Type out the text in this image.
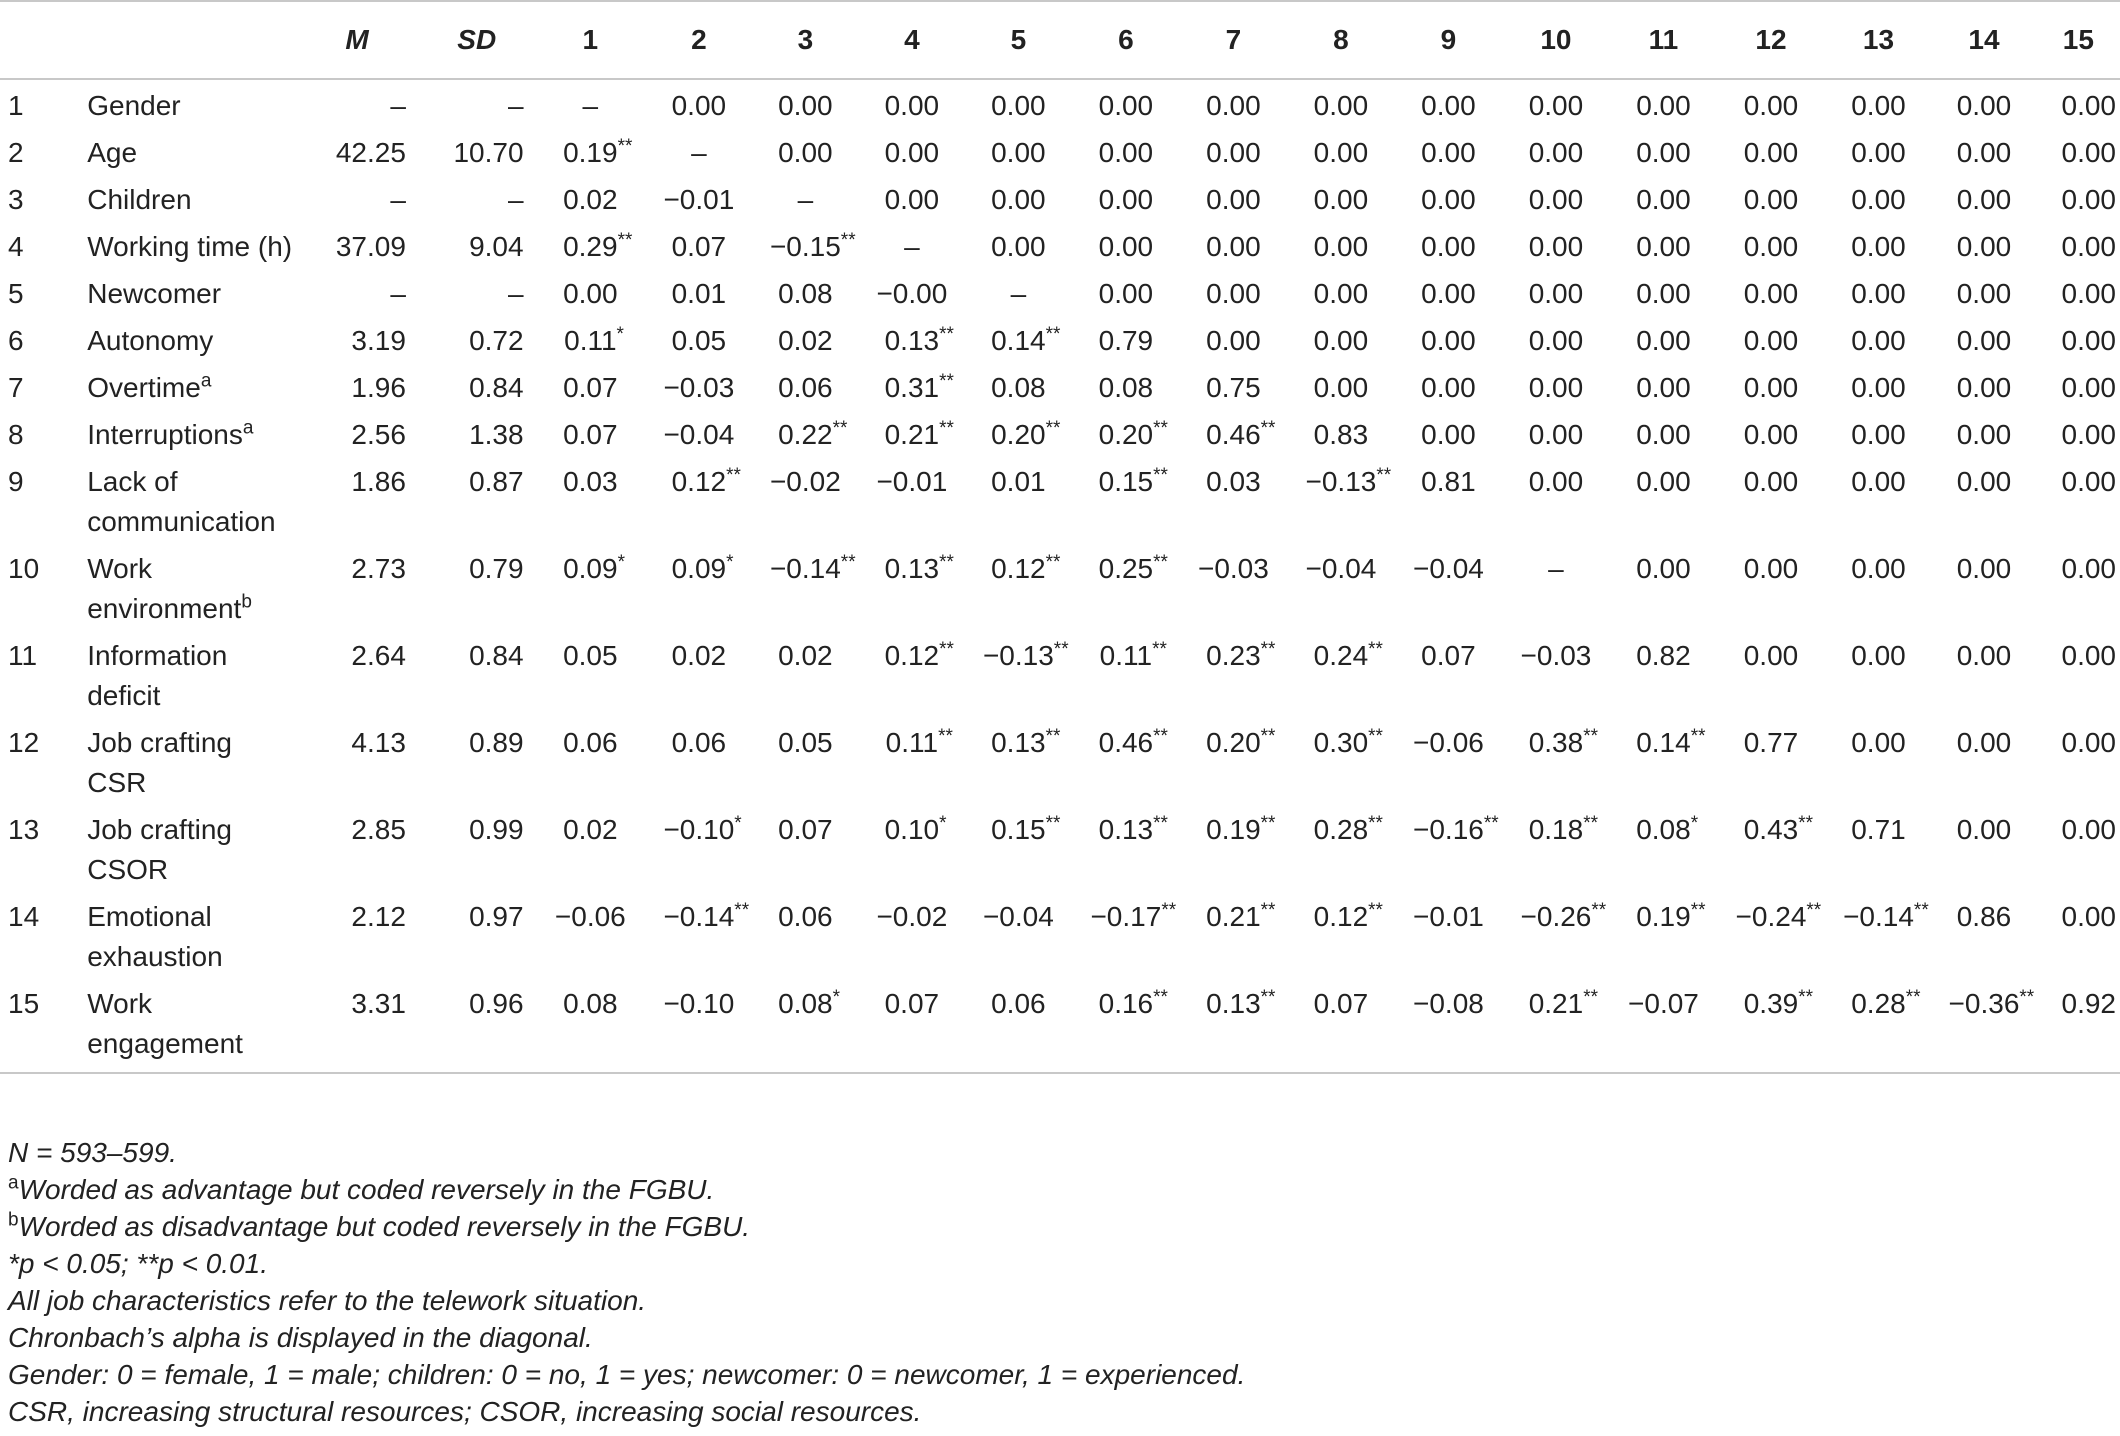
		M	SD	1	2	3	4	5	6	7	8	9	10	11	12	13	14	15
1	Gender	–	–	–	0.00	0.00	0.00	0.00	0.00	0.00	0.00	0.00	0.00	0.00	0.00	0.00	0.00	0.00
2	Age	42.25	10.70	0.19 **	–	0.00	0.00	0.00	0.00	0.00	0.00	0.00	0.00	0.00	0.00	0.00	0.00	0.00
3	Children	–	–	0.02	−0.01	–	0.00	0.00	0.00	0.00	0.00	0.00	0.00	0.00	0.00	0.00	0.00	0.00
4	Working time (h)	37.09	9.04	0.29 **	0.07	−0.15 **	–	0.00	0.00	0.00	0.00	0.00	0.00	0.00	0.00	0.00	0.00	0.00
5	Newcomer	–	–	0.00	0.01	0.08	−0.00	–	0.00	0.00	0.00	0.00	0.00	0.00	0.00	0.00	0.00	0.00
6	Autonomy	3.19	0.72	0.11 *	0.05	0.02	0.13 **	0.14 **	0.79	0.00	0.00	0.00	0.00	0.00	0.00	0.00	0.00	0.00
7	Overtime$^a$	1.96	0.84	0.07	−0.03	0.06	0.31 **	0.08	0.08	0.75	0.00	0.00	0.00	0.00	0.00	0.00	0.00	0.00
8	Interruptions$^a$	2.56	1.38	0.07	−0.04	0.22 **	0.21 **	0.20 **	0.20 **	0.46 **	0.83	0.00	0.00	0.00	0.00	0.00	0.00	0.00
9	Lack of communication	1.86	0.87	0.03	0.12 **	−0.02	−0.01	0.01	0.15 **	0.03	−0.13 **	0.81	0.00	0.00	0.00	0.00	0.00	0.00
10	Work environment$^b$	2.73	0.79	0.09 *	0.09 *	−0.14 **	0.13 **	0.12 **	0.25 **	−0.03	−0.04	−0.04	–	0.00	0.00	0.00	0.00	0.00
11	Information deficit	2.64	0.84	0.05	0.02	0.02	0.12 **	−0.13 **	0.11 **	0.23 **	0.24 **	0.07	−0.03	0.82	0.00	0.00	0.00	0.00
12	Job crafting CSR	4.13	0.89	0.06	0.06	0.05	0.11 **	0.13 **	0.46 **	0.20 **	0.30 **	−0.06	0.38 **	0.14 **	0.77	0.00	0.00	0.00
13	Job crafting CSOR	2.85	0.99	0.02	−0.10 *	0.07	0.10 *	0.15 **	0.13 **	0.19 **	0.28 **	−0.16 **	0.18 **	0.08 *	0.43 **	0.71	0.00	0.00
14	Emotional exhaustion	2.12	0.97	−0.06	−0.14 **	0.06	−0.02	−0.04	−0.17 **	0.21 **	0.12 **	−0.01	−0.26 **	0.19 **	−0.24 **	−0.14 **	0.86	0.00
15	Work engagement	3.31	0.96	0.08	−0.10	0.08 *	0.07	0.06	0.16 **	0.13 **	0.07	−0.08	0.21 **	−0.07	0.39 **	0.28 **	−0.36 **	0.92
N = 593–599.
$^a$Worded as advantage but coded reversely in the FGBU.
$^b$Worded as disadvantage but coded reversely in the FGBU.
*p < 0.05; **p < 0.01.
All job characteristics refer to the telework situation.
Chronbach’s alpha is displayed in the diagonal.
Gender: 0 = female, 1 = male; children: 0 = no, 1 = yes; newcomer: 0 = newcomer, 1 = experienced.
CSR, increasing structural resources; CSOR, increasing social resources.
